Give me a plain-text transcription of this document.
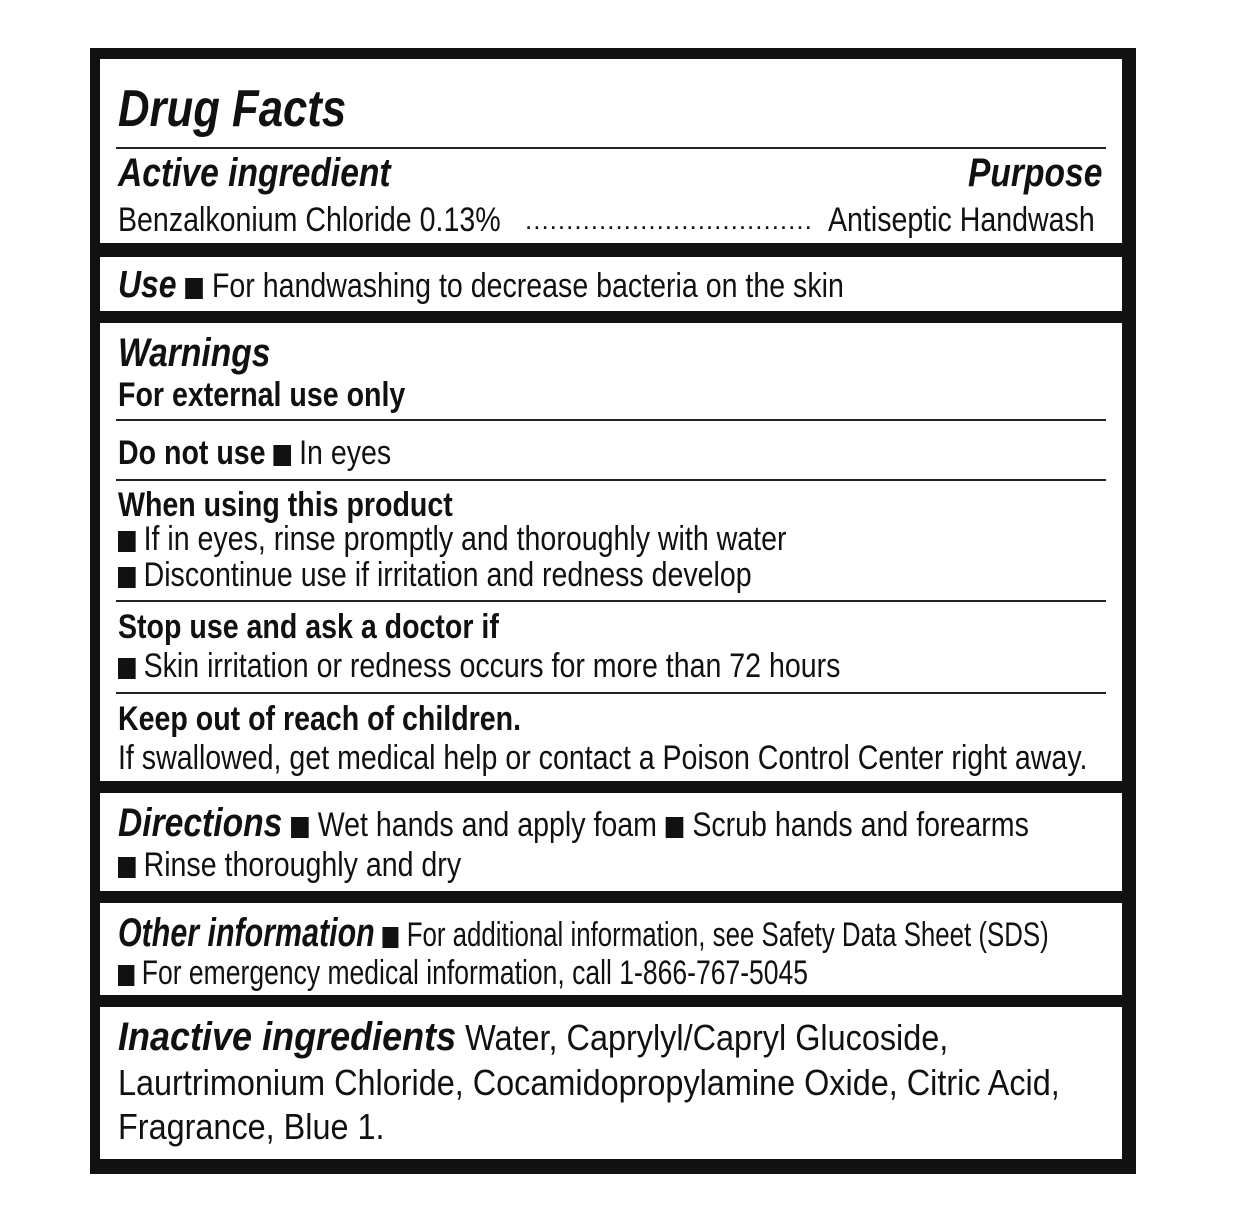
Drug Facts
Active ingredient	Purpose
Benzalkonium Chloride 0.13% ................................... Antiseptic Handwash
Use For handwashing to decrease bacteria on the skin
Warnings
For external use only
Do not use In eyes
When using this product
If in eyes, rinse promptly and thoroughly with water
Discontinue use if irritation and redness develop
Stop use and ask a doctor if
Skin irritation or redness occurs for more than 72 hours
Keep out of reach of children.
If swallowed, get medical help or contact a Poison Control Center right away.
Directions Wet hands and apply foam Scrub hands and forearms
Rinse thoroughly and dry
Other information For additional information, see Safety Data Sheet (SDS)
For emergency medical information, call 1-866-767-5045
Inactive ingredients Water, Caprylyl/Capryl Glucoside,
Laurtrimonium Chloride, Cocamidopropylamine Oxide, Citric Acid,
Fragrance, Blue 1.
